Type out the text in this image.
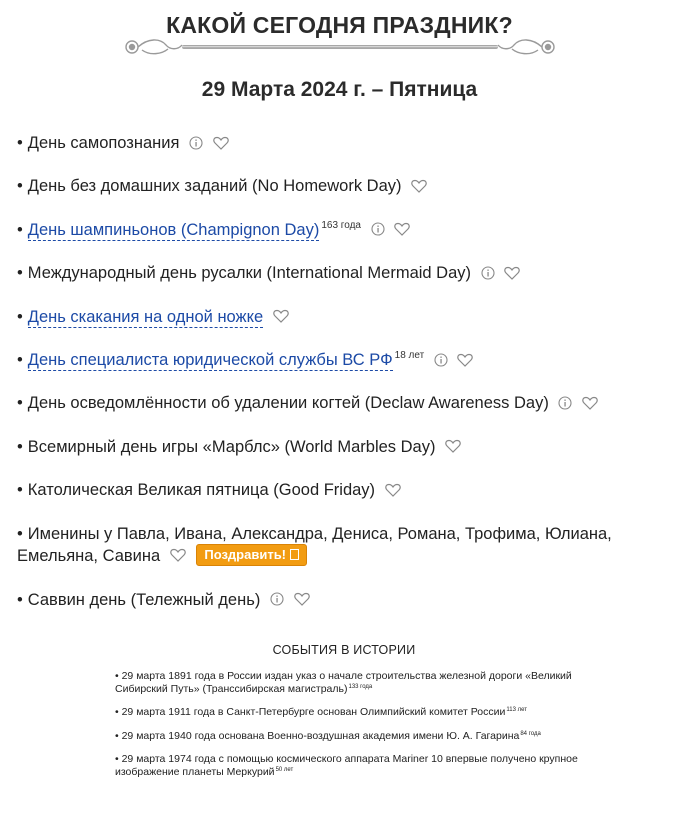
КАКОЙ СЕГОДНЯ ПРАЗДНИК?
29 Марта 2024 г. – Пятница
• День самопознания
• День без домашних заданий (No Homework Day)
• День шампиньонов (Champignon Day) $^{163 года}$
• Международный день русалки (International Mermaid Day)
• День скакания на одной ножке
• День специалиста юридической службы ВС РФ $^{18 лет}$
• День осведомлённости об удалении когтей (Declaw Awareness Day)
• Всемирный день игры «Марблс» (World Marbles Day)
• Католическая Великая пятница (Good Friday)
• Именины у Павла, Ивана, Александра, Дениса, Романа, Трофима, Юлиана, Емельяна, Савина	Поздравить!
• Саввин день (Тележный день)
СОБЫТИЯ В ИСТОРИИ
• 29 марта 1891 года в России издан указ о начале строительства железной дороги «Великий Сибирский Путь» (Транссибирская магистраль)$^{133 года}$
• 29 марта 1911 года в Санкт-Петербурге основан Олимпийский комитет России$^{113 лет}$
• 29 марта 1940 года основана Военно-воздушная академия имени Ю. А. Гагарина$^{84 года}$
• 29 марта 1974 года с помощью космического аппарата Mariner 10 впервые получено крупное изображение планеты Меркурий$^{50 лет}$
